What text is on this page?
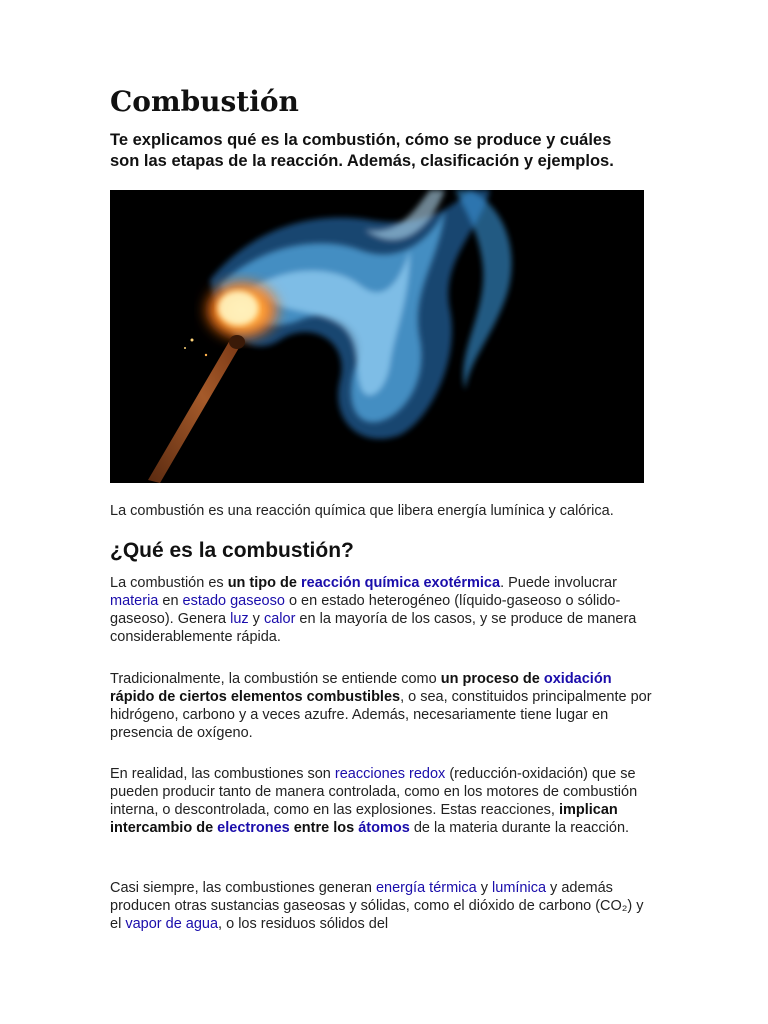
Combustión

Te explicamos qué es la combustión, cómo se produce y cuáles son las etapas de la reacción. Además, clasificación y ejemplos.

La combustión es una reacción química que libera energía lumínica y calórica.

¿Qué es la combustión?

La combustión es un tipo de reacción química exotérmica. Puede involucrar materia en estado gaseoso o en estado heterogéneo (líquido-gaseoso o sólido-gaseoso). Genera luz y calor en la mayoría de los casos, y se produce de manera considerablemente rápida.

Tradicionalmente, la combustión se entiende como un proceso de oxidación rápido de ciertos elementos combustibles, o sea, constituidos principalmente por hidrógeno, carbono y a veces azufre. Además, necesariamente tiene lugar en presencia de oxígeno.

En realidad, las combustiones son reacciones redox (reducción-oxidación) que se pueden producir tanto de manera controlada, como en los motores de combustión interna, o descontrolada, como en las explosiones. Estas reacciones, implican intercambio de electrones entre los átomos de la materia durante la reacción.

Casi siempre, las combustiones generan energía térmica y lumínica y además producen otras sustancias gaseosas y sólidas, como el dióxido de carbono (CO₂) y el vapor de agua, o los residuos sólidos del
